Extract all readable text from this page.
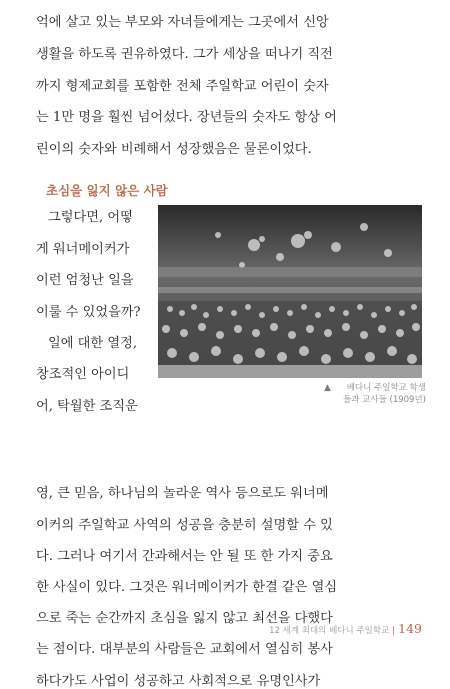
억에 살고 있는 부모와 자녀들에게는 그곳에서 신앙
생활을 하도록 권유하였다. 그가 세상을 떠나기 직전
까지 형제교회를 포함한 전체 주일학교 어린이 숫자
는 1만 명을 훨씬 넘어섰다. 장년들의 숫자도 항상 어
린이의 숫자와 비례해서 성장했음은 물론이었다.
초심을 잃지 않은 사람
그렇다면, 어떻
게 워너메이커가
이런 엄청난 일을
이룰 수 있었을까?
일에 대한 열정,
창조적인 아이디
어, 탁월한 조직운
▲	베다니 주일학교 학생
들과 교사들 (1909년)
12 세계 최대의 베다니 주일학교 | 149
영, 큰 믿음, 하나님의 놀라운 역사 등으로도 워너메
이커의 주일학교 사역의 성공을 충분히 설명할 수 있
다. 그러나 여기서 간과해서는 안 될 또 한 가지 중요
한 사실이 있다. 그것은 워너메이커가 한결 같은 열심
으로 죽는 순간까지 초심을 잃지 않고 최선을 다했다
는 점이다. 대부분의 사람들은 교회에서 열심히 봉사
하다가도 사업이 성공하고 사회적으로 유명인사가
